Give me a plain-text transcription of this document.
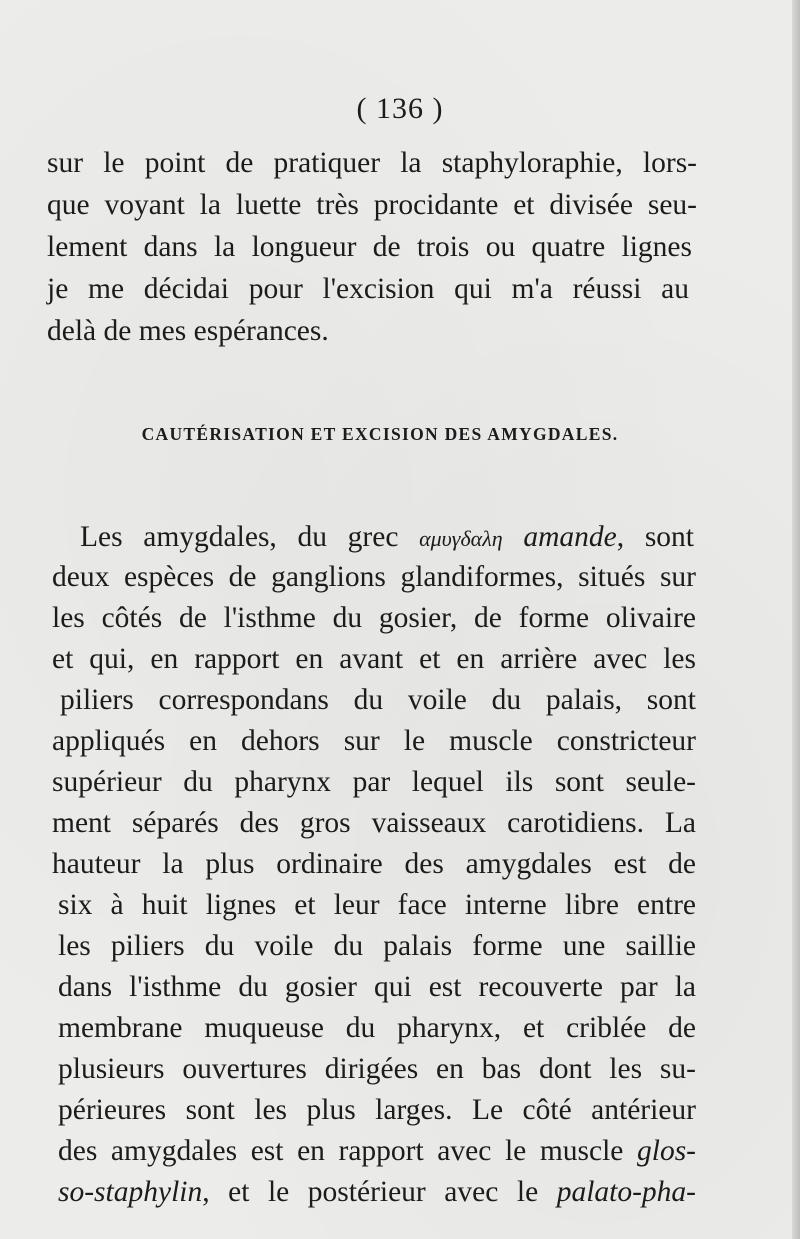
( 136 )
sur le point de pratiquer la staphyloraphie, lors-
que voyant la luette très procidante et divisée seu-
lement dans la longueur de trois ou quatre lignes
je me décidai pour l'excision qui m'a réussi au
delà de mes espérances.
CAUTÉRISATION ET EXCISION DES AMYGDALES.
Les amygdales, du grec αμυγδαλη amande, sont
deux espèces de ganglions glandiformes, situés sur
les côtés de l'isthme du gosier, de forme olivaire
et qui, en rapport en avant et en arrière avec les
piliers correspondans du voile du palais, sont
appliqués en dehors sur le muscle constricteur
supérieur du pharynx par lequel ils sont seule-
ment séparés des gros vaisseaux carotidiens. La
hauteur la plus ordinaire des amygdales est de
six à huit lignes et leur face interne libre entre
les piliers du voile du palais forme une saillie
dans l'isthme du gosier qui est recouverte par la
membrane muqueuse du pharynx, et criblée de
plusieurs ouvertures dirigées en bas dont les su-
périeures sont les plus larges. Le côté antérieur
des amygdales est en rapport avec le muscle glos-
so-staphylin, et le postérieur avec le palato-pha-
